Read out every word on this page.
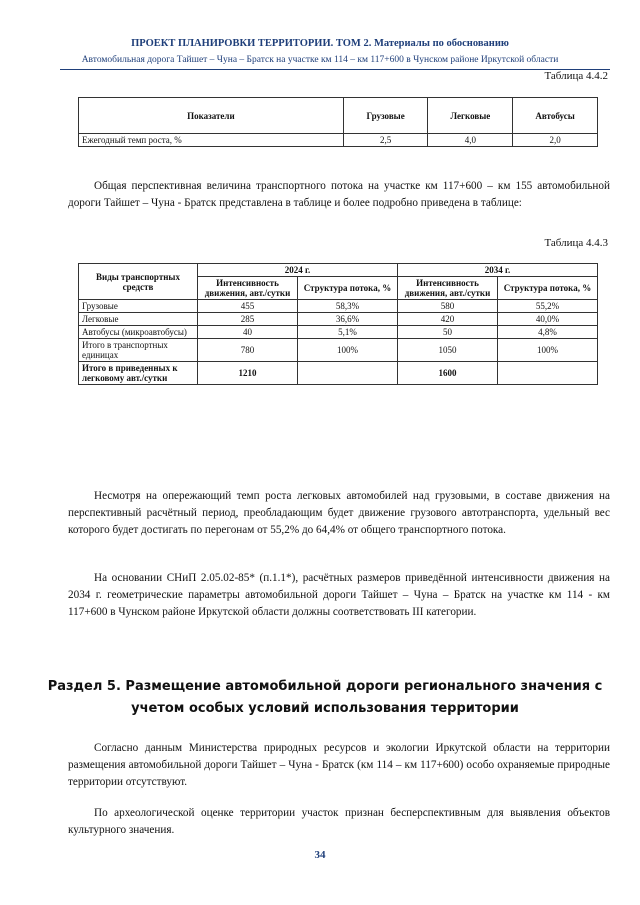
ПРОЕКТ ПЛАНИРОВКИ ТЕРРИТОРИИ. ТОМ 2. Материалы по обоснованию
Автомобильная дорога Тайшет – Чуна – Братск на участке км 114 – км 117+600 в Чунском районе Иркутской области
Таблица 4.4.2
Показатели	Грузовые	Легковые	Автобусы
Ежегодный темп роста, %	2,5	4,0	2,0
Общая перспективная величина транспортного потока на участке км 117+600 – км 155 автомобильной дороги Тайшет – Чуна - Братск представлена в таблице и более подробно приведена в таблице:
Таблица 4.4.3
Виды транспортных средств	2024 г.		2034 г.	
	Интенсивность движения, авт./сутки	Структура потока, %	Интенсивность движения, авт./сутки	Структура потока, %
Грузовые	455	58,3%	580	55,2%
Легковые	285	36,6%	420	40,0%
Автобусы (микроавтобусы)	40	5,1%	50	4,8%
Итого в транспортных единицах	780	100%	1050	100%
Итого в приведенных к легковому авт./сутки	1210		1600	
Несмотря на опережающий темп роста легковых автомобилей над грузовыми, в составе движения на перспективный расчётный период, преобладающим будет движение грузового автотранспорта, удельный вес которого будет достигать по перегонам от 55,2% до 64,4% от общего транспортного потока.
На основании СНиП 2.05.02-85* (п.1.1*), расчётных размеров приведённой интенсивности движения на 2034 г. геометрические параметры автомобильной дороги Тайшет – Чуна – Братск на участке км 114 - км 117+600 в Чунском районе Иркутской области должны соответствовать III категории.
Раздел 5. Размещение автомобильной дороги регионального значения с учетом особых условий использования территории
Согласно данным Министерства природных ресурсов и экологии Иркутской области на территории размещения автомобильной дороги Тайшет – Чуна - Братск (км 114 – км 117+600) особо охраняемые природные территории отсутствуют.
По археологической оценке территории участок признан бесперспективным для выявления объектов культурного значения.
34
